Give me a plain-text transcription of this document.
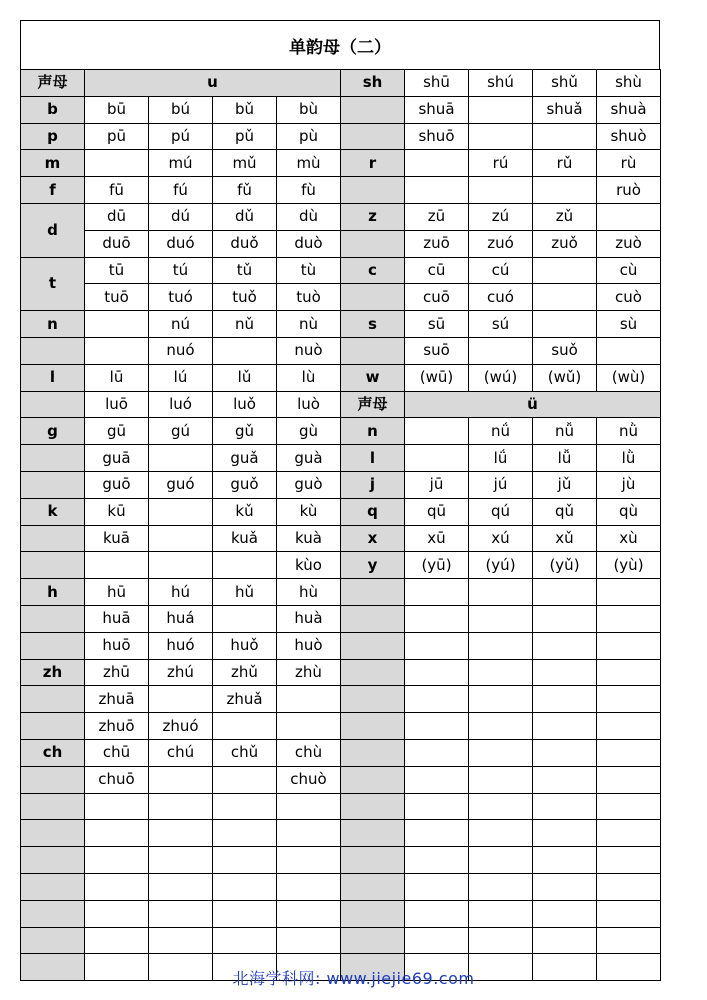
单韵母（二）
声母	u				sh	shū	shú	shǔ	shù
b	bū	bú	bǔ	bù		shuā		shuǎ	shuà
p	pū	pú	pǔ	pù		shuō			shuò
m		mú	mǔ	mù	r		rú	rǔ	rù
f	fū	fú	fǔ	fù					ruò
d	dū	dú	dǔ	dù	z	zū	zú	zǔ	
	duō	duó	duǒ	duò		zuō	zuó	zuǒ	zuò
t	tū	tú	tǔ	tù	c	cū	cú		cù
	tuō	tuó	tuǒ	tuò		cuō	cuó		cuò
n		nú	nǔ	nù	s	sū	sú		sù
		nuó		nuò		suō		suǒ	
l	lū	lú	lǔ	lù	w	(wū)	(wú)	(wǔ)	(wù)
	luō	luó	luǒ	luò	声母	ü			
g	gū	gú	gǔ	gù	n		nǘ	nǚ	nǜ
	guā		guǎ	guà	l		lǘ	lǚ	lǜ
	guō	guó	guǒ	guò	j	jū	jú	jǔ	jù
k	kū		kǔ	kù	q	qū	qú	qǔ	qù
	kuā		kuǎ	kuà	x	xū	xú	xǔ	xù
				kùo	y	(yū)	(yú)	(yǔ)	(yù)
h	hū	hú	hǔ	hù					
	huā	huá		huà					
	huō	huó	huǒ	huò					
zh	zhū	zhú	zhǔ	zhù					
	zhuā		zhuǎ						
	zhuō	zhuó							
ch	chū	chú	chǔ	chù					
	chuō			chuò					

北海学科网: www.jiejie69.com
